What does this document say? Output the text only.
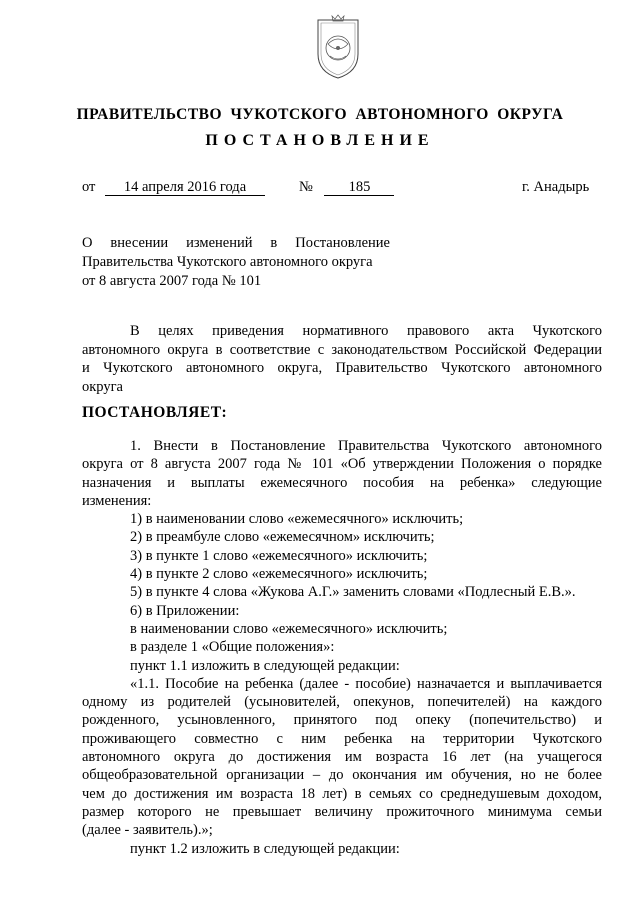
ПРАВИТЕЛЬСТВО ЧУКОТСКОГО АВТОНОМНОГО ОКРУГА
ПОСТАНОВЛЕНИЕ
от 14 апреля 2016 года	№ 185	г. Анадырь
О внесении изменений в Постановление
Правительства Чукотского автономного округа
от 8 августа 2007 года № 101
В целях приведения нормативного правового акта Чукотского
автономного округа в соответствие с законодательством Российской Федерации
и Чукотского автономного округа, Правительство Чукотского автономного
округа
ПОСТАНОВЛЯЕТ:
1. Внести в Постановление Правительства Чукотского автономного
округа от 8 августа 2007 года № 101 «Об утверждении Положения о порядке
назначения и выплаты ежемесячного пособия на ребенка» следующие
изменения:
1) в наименовании слово «ежемесячного» исключить;
2) в преамбуле слово «ежемесячном» исключить;
3) в пункте 1 слово «ежемесячного» исключить;
4) в пункте 2 слово «ежемесячного» исключить;
5) в пункте 4 слова «Жукова А.Г.» заменить словами «Подлесный Е.В.».
6) в Приложении:
в наименовании слово «ежемесячного» исключить;
в разделе 1 «Общие положения»:
пункт 1.1 изложить в следующей редакции:
«1.1. Пособие на ребенка (далее - пособие) назначается и выплачивается
одному из родителей (усыновителей, опекунов, попечителей) на каждого
рожденного, усыновленного, принятого под опеку (попечительство) и
проживающего совместно с ним ребенка на территории Чукотского
автономного округа до достижения им возраста 16 лет (на учащегося
общеобразовательной организации – до окончания им обучения, но не более
чем до достижения им возраста 18 лет) в семьях со среднедушевым доходом,
размер которого не превышает величину прожиточного минимума семьи
(далее - заявитель).»;
пункт 1.2 изложить в следующей редакции:
